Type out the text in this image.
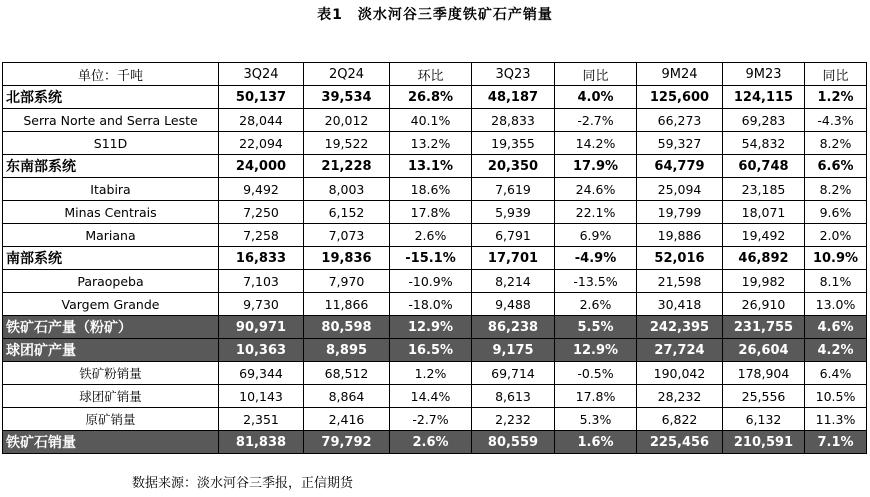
表1　淡水河谷三季度铁矿石产销量
单位：千吨	3Q24	2Q24	环比	3Q23	同比	9M24	9M23	同比
北部系统	50,137	39,534	26.8%	48,187	4.0%	125,600	124,115	1.2%
Serra Norte and Serra Leste	28,044	20,012	40.1%	28,833	-2.7%	66,273	69,283	-4.3%
S11D	22,094	19,522	13.2%	19,355	14.2%	59,327	54,832	8.2%
东南部系统	24,000	21,228	13.1%	20,350	17.9%	64,779	60,748	6.6%
Itabira	9,492	8,003	18.6%	7,619	24.6%	25,094	23,185	8.2%
Minas Centrais	7,250	6,152	17.8%	5,939	22.1%	19,799	18,071	9.6%
Mariana	7,258	7,073	2.6%	6,791	6.9%	19,886	19,492	2.0%
南部系统	16,833	19,836	-15.1%	17,701	-4.9%	52,016	46,892	10.9%
Paraopeba	7,103	7,970	-10.9%	8,214	-13.5%	21,598	19,982	8.1%
Vargem Grande	9,730	11,866	-18.0%	9,488	2.6%	30,418	26,910	13.0%
铁矿石产量（粉矿）	90,971	80,598	12.9%	86,238	5.5%	242,395	231,755	4.6%
球团矿产量	10,363	8,895	16.5%	9,175	12.9%	27,724	26,604	4.2%
铁矿粉销量	69,344	68,512	1.2%	69,714	-0.5%	190,042	178,904	6.4%
球团矿销量	10,143	8,864	14.4%	8,613	17.8%	28,232	25,556	10.5%
原矿销量	2,351	2,416	-2.7%	2,232	5.3%	6,822	6,132	11.3%
铁矿石销量	81,838	79,792	2.6%	80,559	1.6%	225,456	210,591	7.1%
数据来源：淡水河谷三季报，正信期货
